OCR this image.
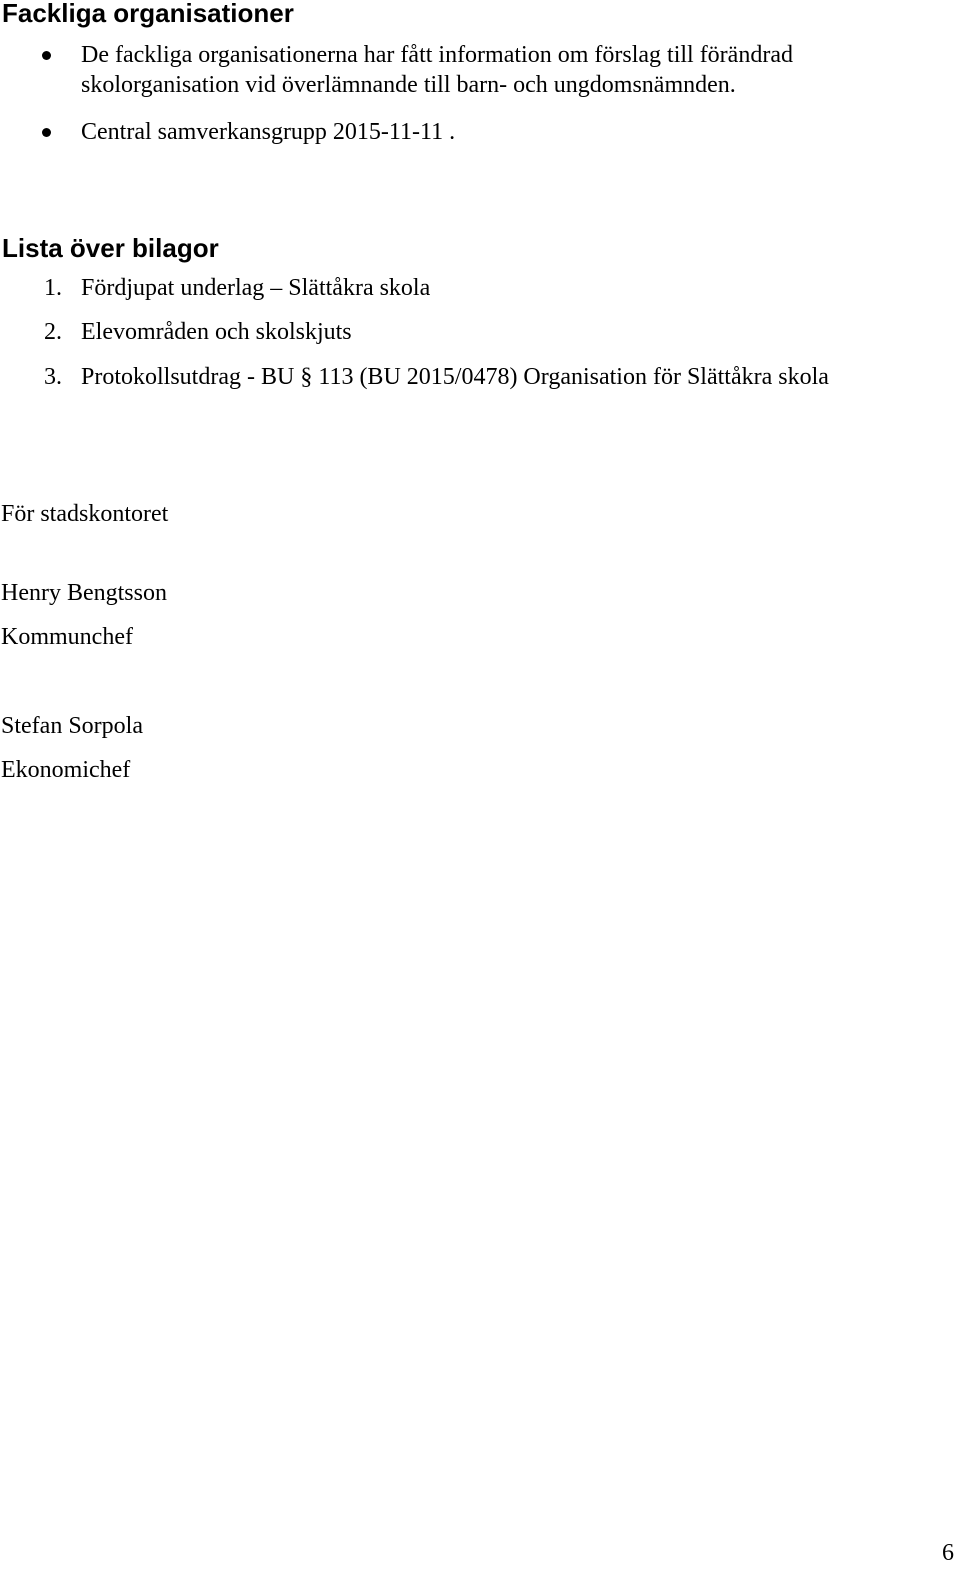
Fackliga organisationer
De fackliga organisationerna har fått information om förslag till förändrad
skolorganisation vid överlämnande till barn- och ungdomsnämnden.
Central samverkansgrupp 2015-11-11 .
Lista över bilagor
1. Fördjupat underlag – Slättåkra skola
2. Elevområden och skolskjuts
3. Protokollsutdrag - BU § 113 (BU 2015/0478) Organisation för Slättåkra skola
För stadskontoret
Henry Bengtsson
Kommunchef
Stefan Sorpola
Ekonomichef
6
